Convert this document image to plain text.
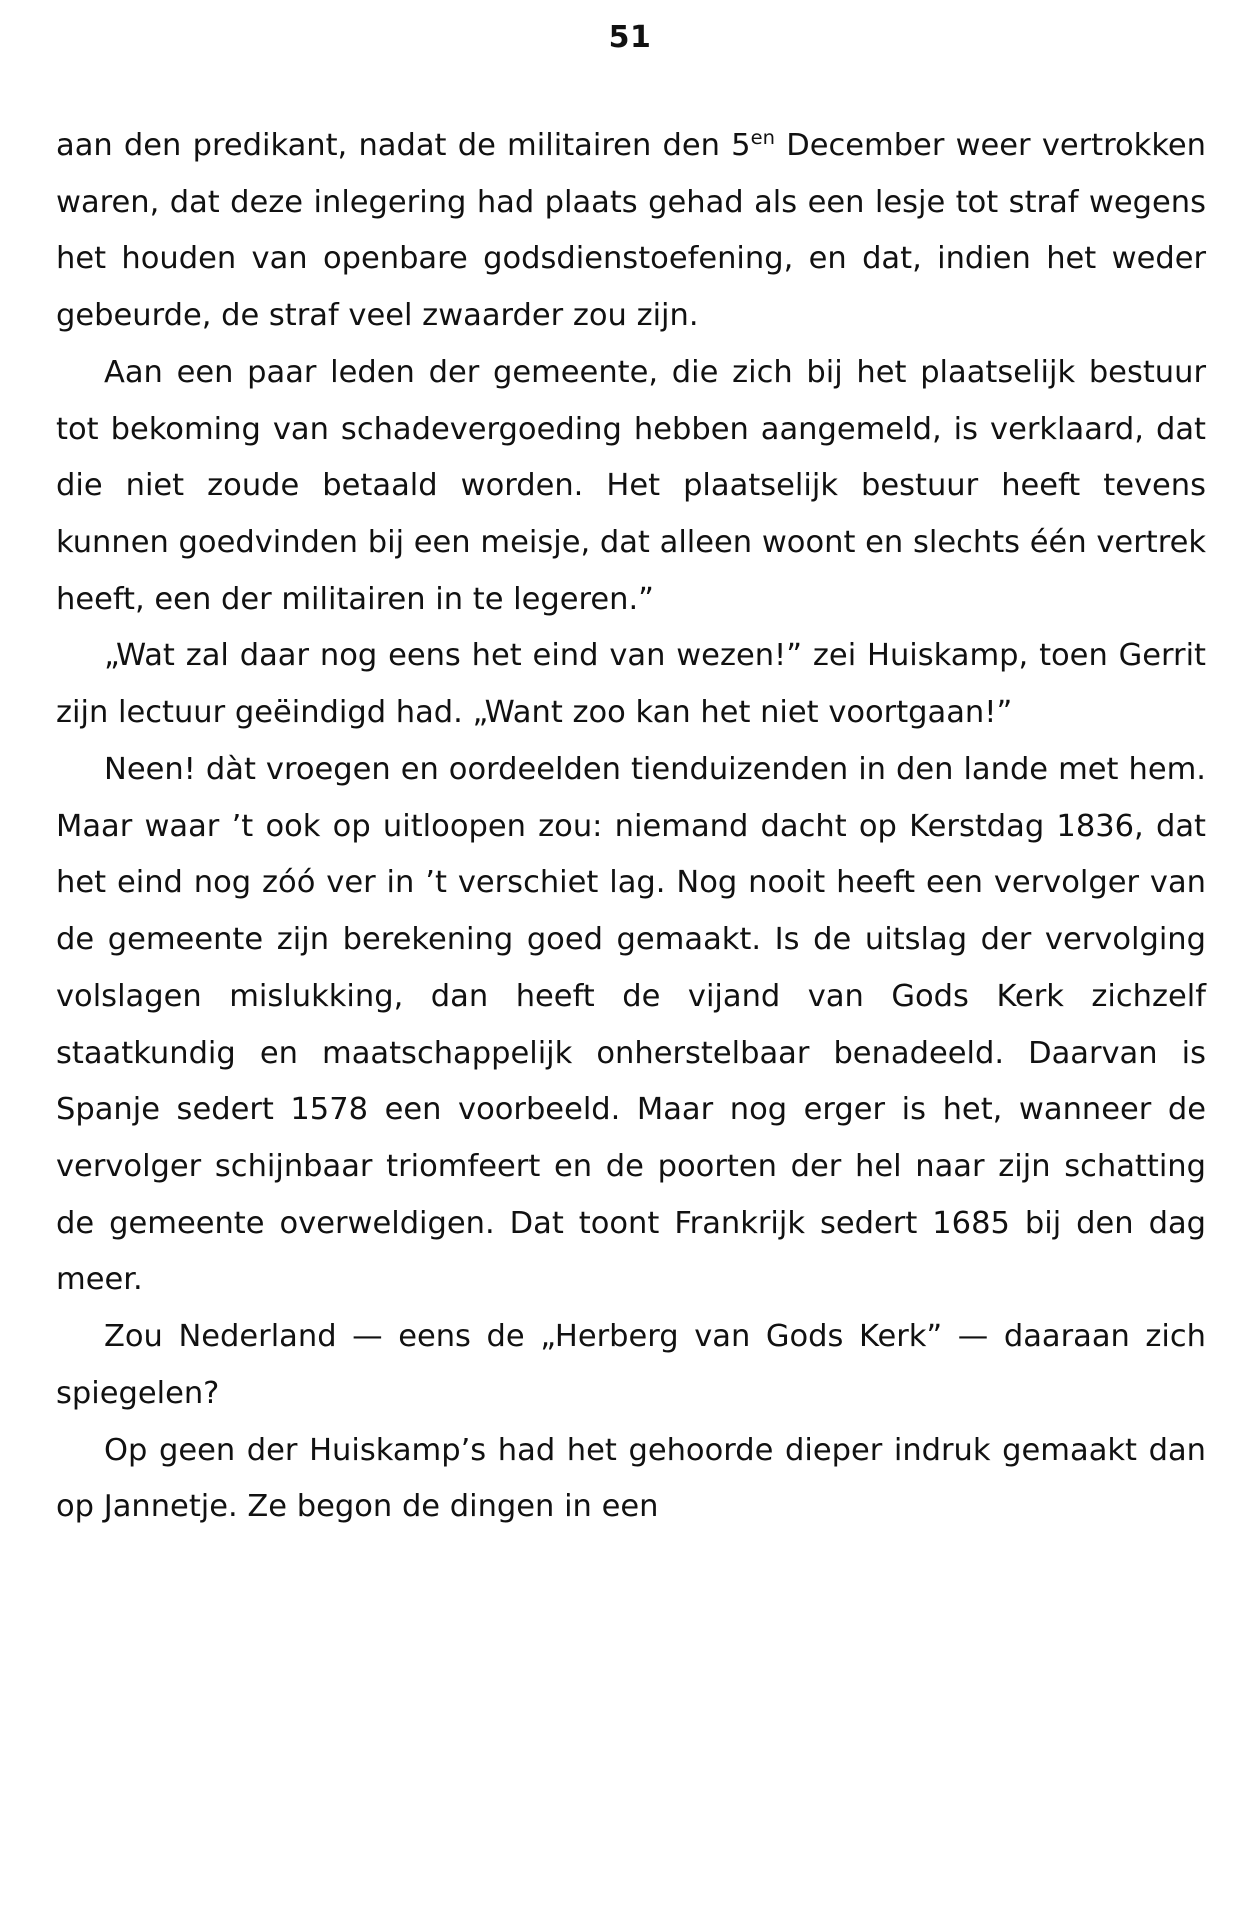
51

aan den predikant, nadat de militairen den $5^{en}$ December weer vertrokken waren, dat deze inlegering had plaats gehad als een lesje tot straf wegens het houden van openbare godsdienstoefening, en dat, indien het weder gebeurde, de straf veel zwaarder zou zijn.

Aan een paar leden der gemeente, die zich bij het plaatselijk bestuur tot bekoming van schadevergoeding hebben aangemeld, is verklaard, dat die niet zoude betaald worden. Het plaatselijk bestuur heeft tevens kunnen goedvinden bij een meisje, dat alleen woont en slechts één vertrek heeft, een der militairen in te legeren.”

„Wat zal daar nog eens het eind van wezen!” zei Huiskamp, toen Gerrit zijn lectuur geëindigd had. „Want zoo kan het niet voortgaan!”

Neen! dàt vroegen en oordeelden tienduizenden in den lande met hem. Maar waar ’t ook op uitloopen zou: niemand dacht op Kerstdag 1836, dat het eind nog zóó ver in ’t verschiet lag. Nog nooit heeft een vervolger van de gemeente zijn berekening goed gemaakt. Is de uitslag der vervolging volslagen mislukking, dan heeft de vijand van Gods Kerk zichzelf staatkundig en maatschappelijk onherstelbaar benadeeld. Daarvan is Spanje sedert 1578 een voorbeeld. Maar nog erger is het, wanneer de vervolger schijnbaar triomfeert en de poorten der hel naar zijn schatting de gemeente overweldigen. Dat toont Frankrijk sedert 1685 bij den dag meer.

Zou Nederland — eens de „Herberg van Gods Kerk” — daaraan zich spiegelen?

Op geen der Huiskamp’s had het gehoorde dieper indruk gemaakt dan op Jannetje. Ze begon de dingen in een
